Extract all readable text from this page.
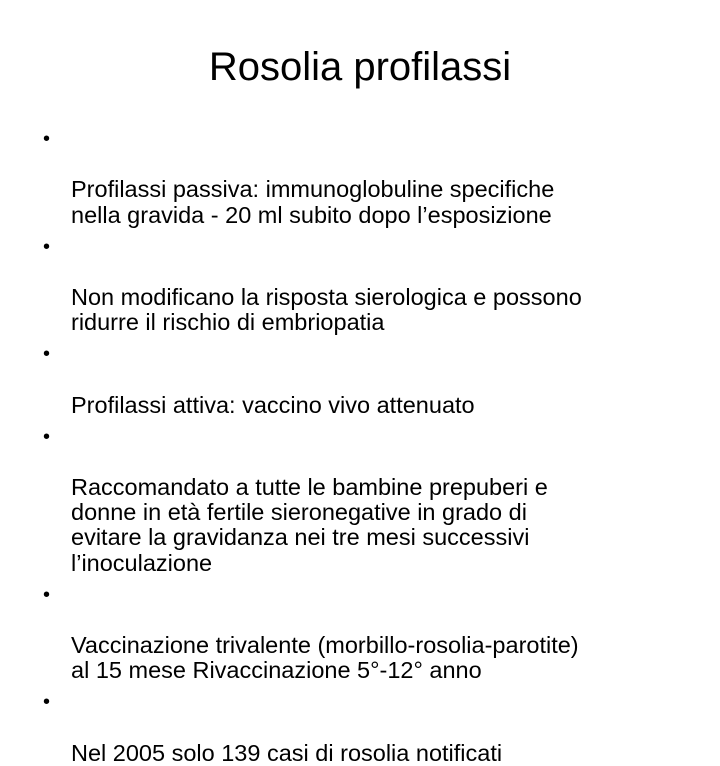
Rosolia profilassi

•

Profilassi passiva: immunoglobuline specifiche
nella gravida - 20 ml subito dopo l’esposizione

•

Non modificano la risposta sierologica e possono
ridurre il rischio di embriopatia

•

Profilassi attiva: vaccino vivo attenuato

•

Raccomandato a tutte le bambine prepuberi e
donne in età fertile sieronegative in grado di
evitare la gravidanza nei tre mesi successivi
l’inoculazione

•

Vaccinazione trivalente (morbillo-rosolia-parotite)
al 15 mese Rivaccinazione 5°-12° anno

•

Nel 2005 solo 139 casi di rosolia notificati
